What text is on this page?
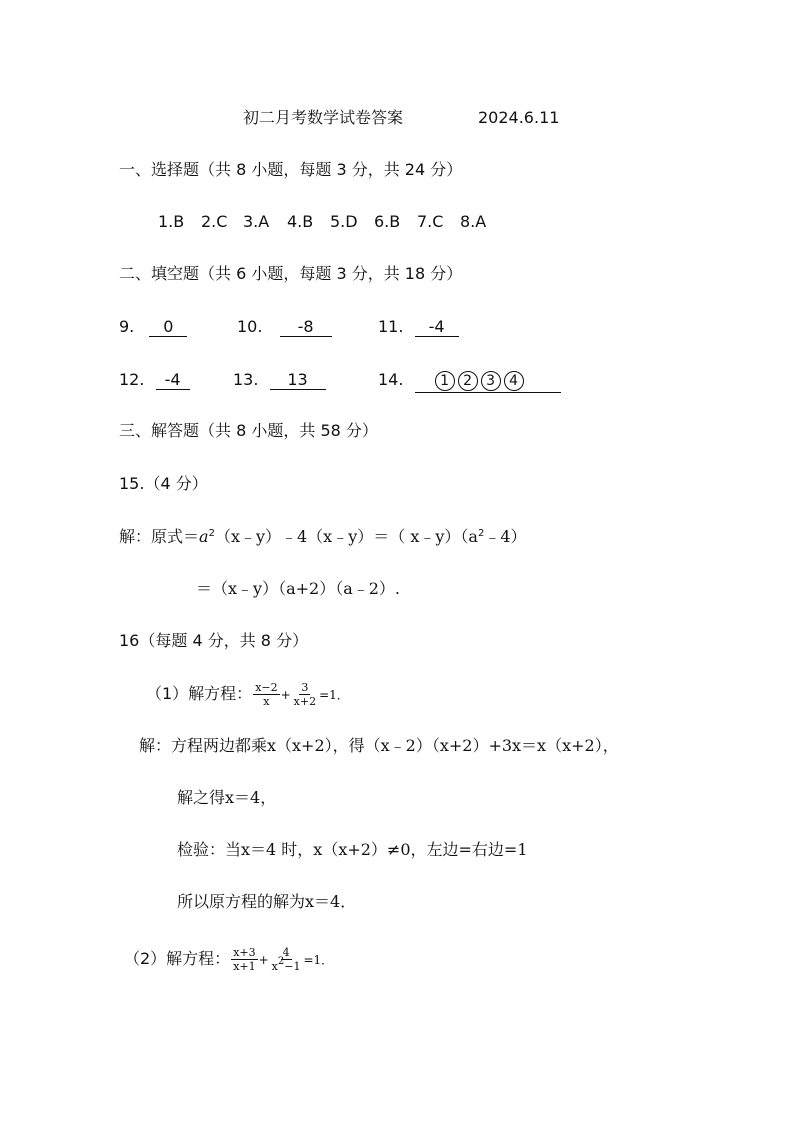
初二月考数学试卷答案	2024.6.11
一、选择题（共 8 小题，每题 3 分，共 24 分）
1.B 2.C 3.A 4.B 5.D 6.B 7.C 8.A
二、填空题（共 6 小题，每题 3 分，共 18 分）
9. 0	10. -8	11. -4
12. -4	13. 13	14.	1 2 3 4
三、解答题（共 8 小题，共 58 分）
15.（4 分）
解：原式$=a^2(x﹣y)﹣4(x﹣y)=$（ $x﹣y)(a^2﹣4)$
＝（x﹣y）（a+2）（a﹣2）.
16（每题 4 分，共 8 分）
（1）解方程： $\frac{x-2}{x} + \frac{3}{x+2} =1$．
解：方程两边都乘x（x+2），得（x﹣2）（x+2）+3x＝x（x+2），
解之得x＝4，
检验：当x＝4 时，x（x+2）≠0，左边=右边=1
所以原方程的解为x＝4．
（2）解方程： $\frac{x+3}{x+1} + \frac{4}{x^2-1} =1$．
